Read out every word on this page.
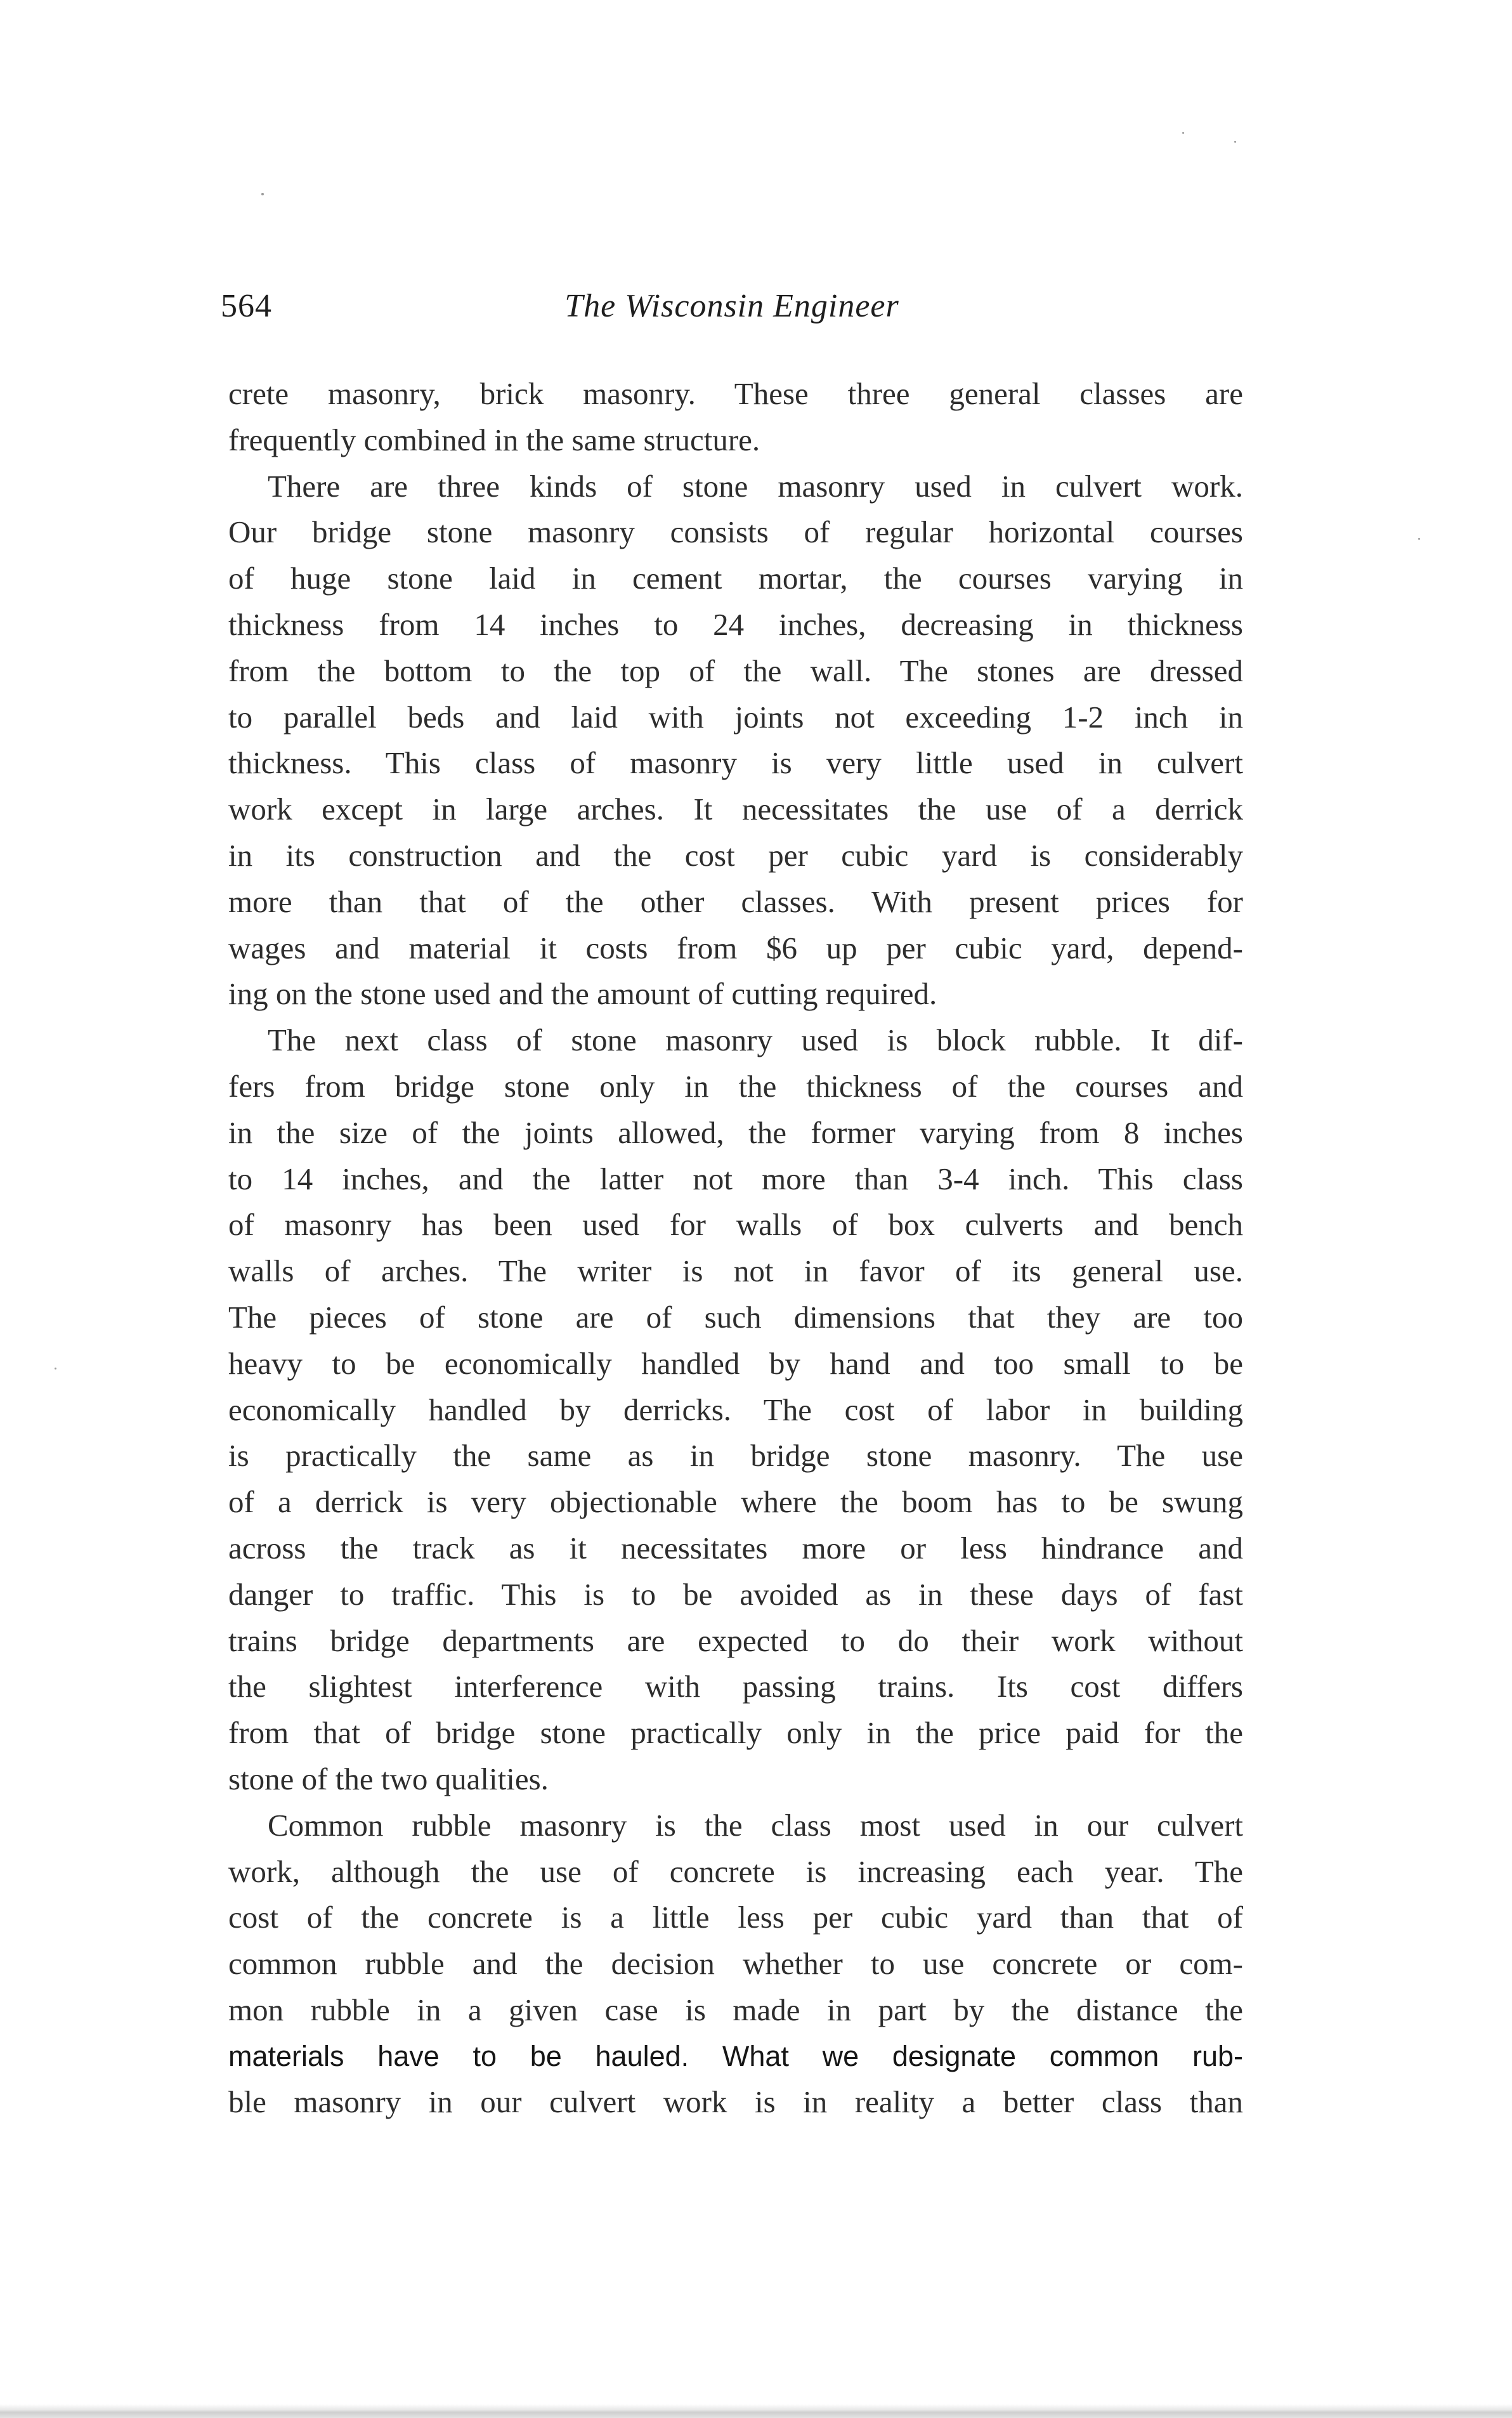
564	The Wisconsin Engineer
crete masonry, brick masonry. These three general classes are
frequently combined in the same structure.
There are three kinds of stone masonry used in culvert work.
Our bridge stone masonry consists of regular horizontal courses
of huge stone laid in cement mortar, the courses varying in
thickness from 14 inches to 24 inches, decreasing in thickness
from the bottom to the top of the wall. The stones are dressed
to parallel beds and laid with joints not exceeding 1-2 inch in
thickness. This class of masonry is very little used in culvert
work except in large arches. It necessitates the use of a derrick
in its construction and the cost per cubic yard is considerably
more than that of the other classes. With present prices for
wages and material it costs from $6 up per cubic yard, depend-
ing on the stone used and the amount of cutting required.
The next class of stone masonry used is block rubble. It dif-
fers from bridge stone only in the thickness of the courses and
in the size of the joints allowed, the former varying from 8 inches
to 14 inches, and the latter not more than 3-4 inch. This class
of masonry has been used for walls of box culverts and bench
walls of arches. The writer is not in favor of its general use.
The pieces of stone are of such dimensions that they are too
heavy to be economically handled by hand and too small to be
economically handled by derricks. The cost of labor in building
is practically the same as in bridge stone masonry. The use
of a derrick is very objectionable where the boom has to be swung
across the track as it necessitates more or less hindrance and
danger to traffic. This is to be avoided as in these days of fast
trains bridge departments are expected to do their work without
the slightest interference with passing trains. Its cost differs
from that of bridge stone practically only in the price paid for the
stone of the two qualities.
Common rubble masonry is the class most used in our culvert
work, although the use of concrete is increasing each year. The
cost of the concrete is a little less per cubic yard than that of
common rubble and the decision whether to use concrete or com-
mon rubble in a given case is made in part by the distance the
materials have to be hauled. What we designate common rub-
ble masonry in our culvert work is in reality a better class than
